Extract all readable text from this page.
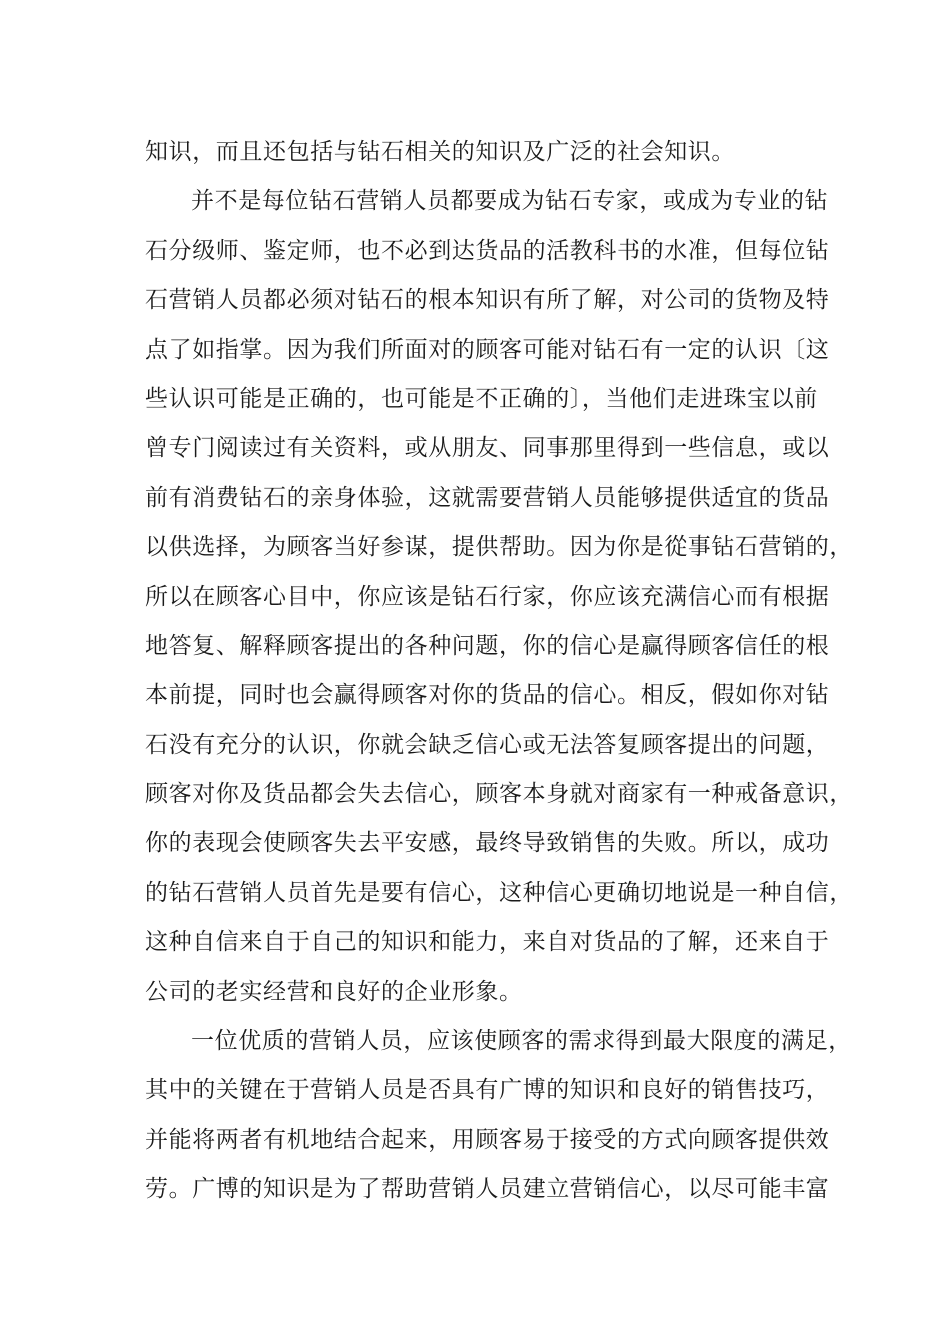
知识，而且还包括与钻石相关的知识及广泛的社会知识。
并不是每位钻石营销人员都要成为钻石专家，或成为专业的钻
石分级师、鉴定师，也不必到达货品的活教科书的水准，但每位钻
石营销人员都必须对钻石的根本知识有所了解，对公司的货物及特
点了如指掌。因为我们所面对的顾客可能对钻石有一定的认识〔这
些认识可能是正确的，也可能是不正确的〕，当他们走进珠宝以前
曾专门阅读过有关资料，或从朋友、同事那里得到一些信息，或以
前有消费钻石的亲身体验，这就需要营销人员能够提供适宜的货品
以供选择，为顾客当好参谋，提供帮助。因为你是從事钻石营销的，
所以在顾客心目中，你应该是钻石行家，你应该充满信心而有根据
地答复、解释顾客提出的各种问题，你的信心是赢得顾客信任的根
本前提，同时也会赢得顾客对你的货品的信心。相反，假如你对钻
石没有充分的认识，你就会缺乏信心或无法答复顾客提出的问题，
顾客对你及货品都会失去信心，顾客本身就对商家有一种戒备意识，
你的表现会使顾客失去平安感，最终导致销售的失败。所以，成功
的钻石营销人员首先是要有信心，这种信心更确切地说是一种自信，
这种自信来自于自己的知识和能力，来自对货品的了解，还来自于
公司的老实经营和良好的企业形象。
一位优质的营销人员，应该使顾客的需求得到最大限度的满足，
其中的关键在于营销人员是否具有广博的知识和良好的销售技巧，
并能将两者有机地结合起来，用顾客易于接受的方式向顾客提供效
劳。广博的知识是为了帮助营销人员建立营销信心，以尽可能丰富
